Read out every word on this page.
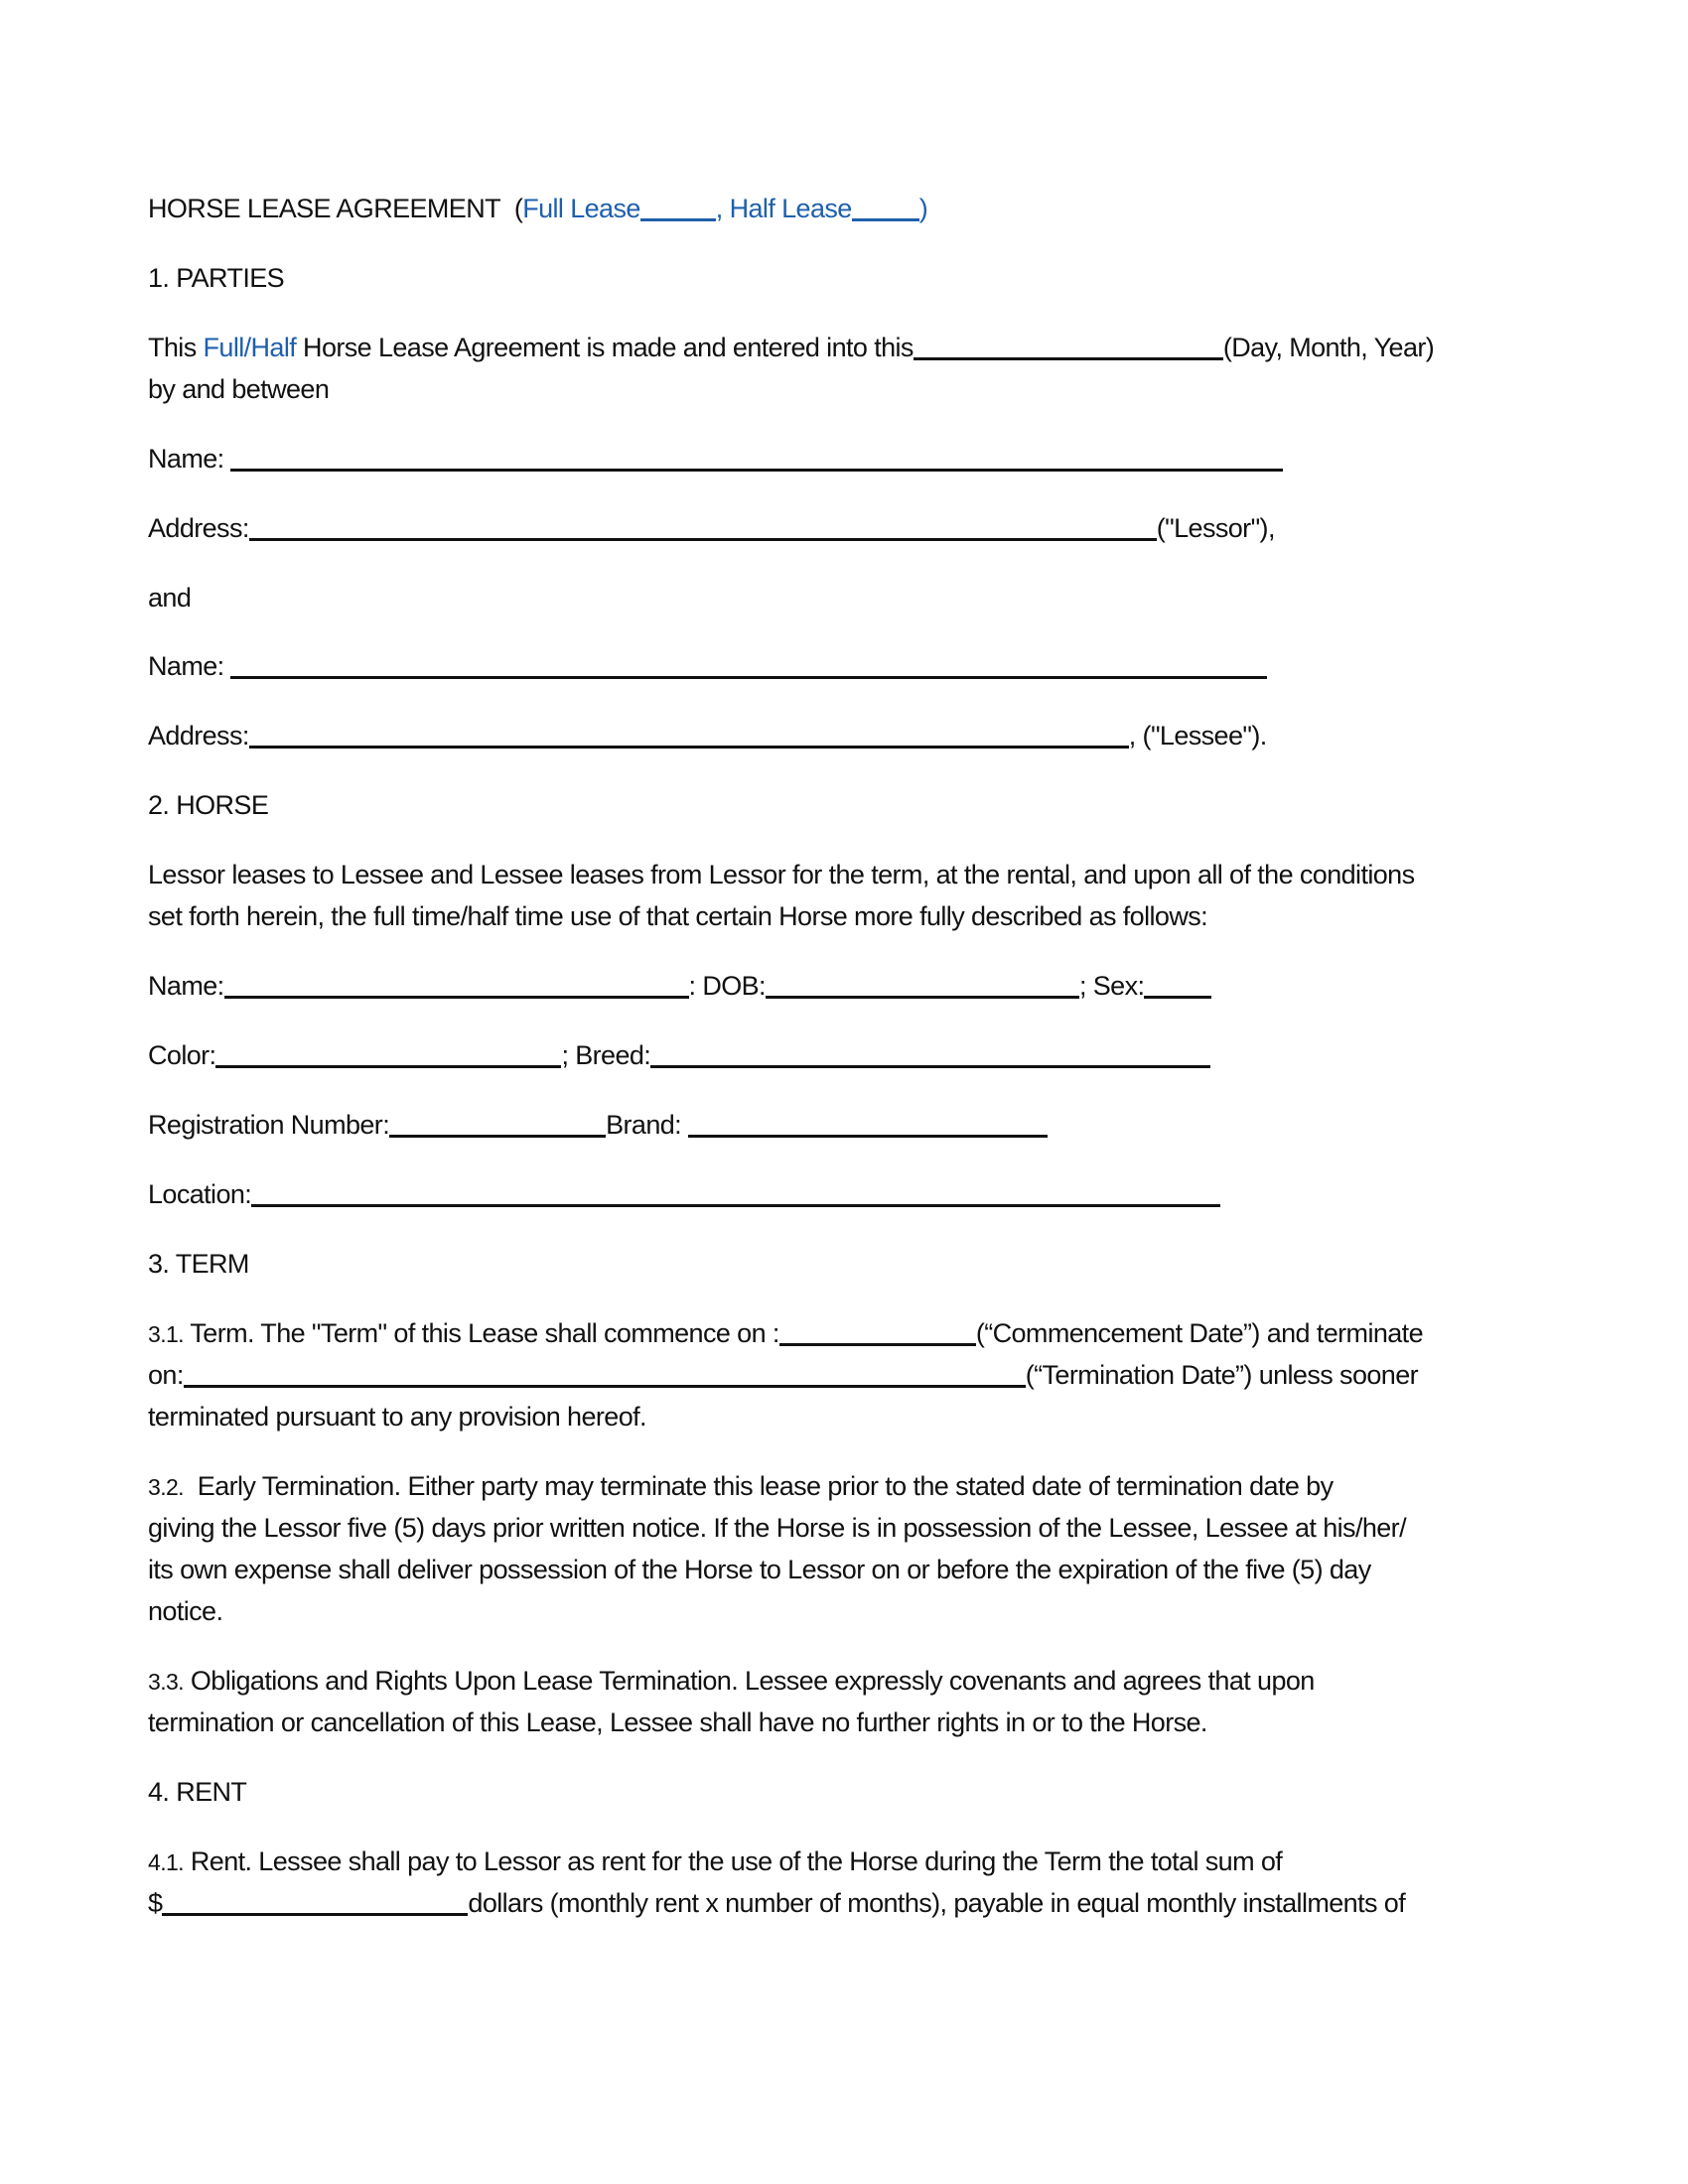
HORSE LEASE AGREEMENT (Full Lease	, Half Lease	)
1. PARTIES
This Full/Half Horse Lease Agreement is made and entered into this	(Day, Month, Year)
by and between
Name:
Address:	("Lessor"),
and
Name:
Address:	, ("Lessee").
2. HORSE
Lessor leases to Lessee and Lessee leases from Lessor for the term, at the rental, and upon all of the conditions
set forth herein, the full time/half time use of that certain Horse more fully described as follows:
Name:	: DOB:	; Sex:
Color:	; Breed:
Registration Number:	Brand:
Location:
3. TERM
3.1. Term. The "Term" of this Lease shall commence on :	(“Commencement Date”) and terminate
on:	(“Termination Date”) unless sooner
terminated pursuant to any provision hereof.
3.2. Early Termination. Either party may terminate this lease prior to the stated date of termination date by
giving the Lessor five (5) days prior written notice. If the Horse is in possession of the Lessee, Lessee at his/her/
its own expense shall deliver possession of the Horse to Lessor on or before the expiration of the five (5) day
notice.
3.3. Obligations and Rights Upon Lease Termination. Lessee expressly covenants and agrees that upon
termination or cancellation of this Lease, Lessee shall have no further rights in or to the Horse.
4. RENT
4.1. Rent. Lessee shall pay to Lessor as rent for the use of the Horse during the Term the total sum of
$	dollars (monthly rent x number of months), payable in equal monthly installments of
